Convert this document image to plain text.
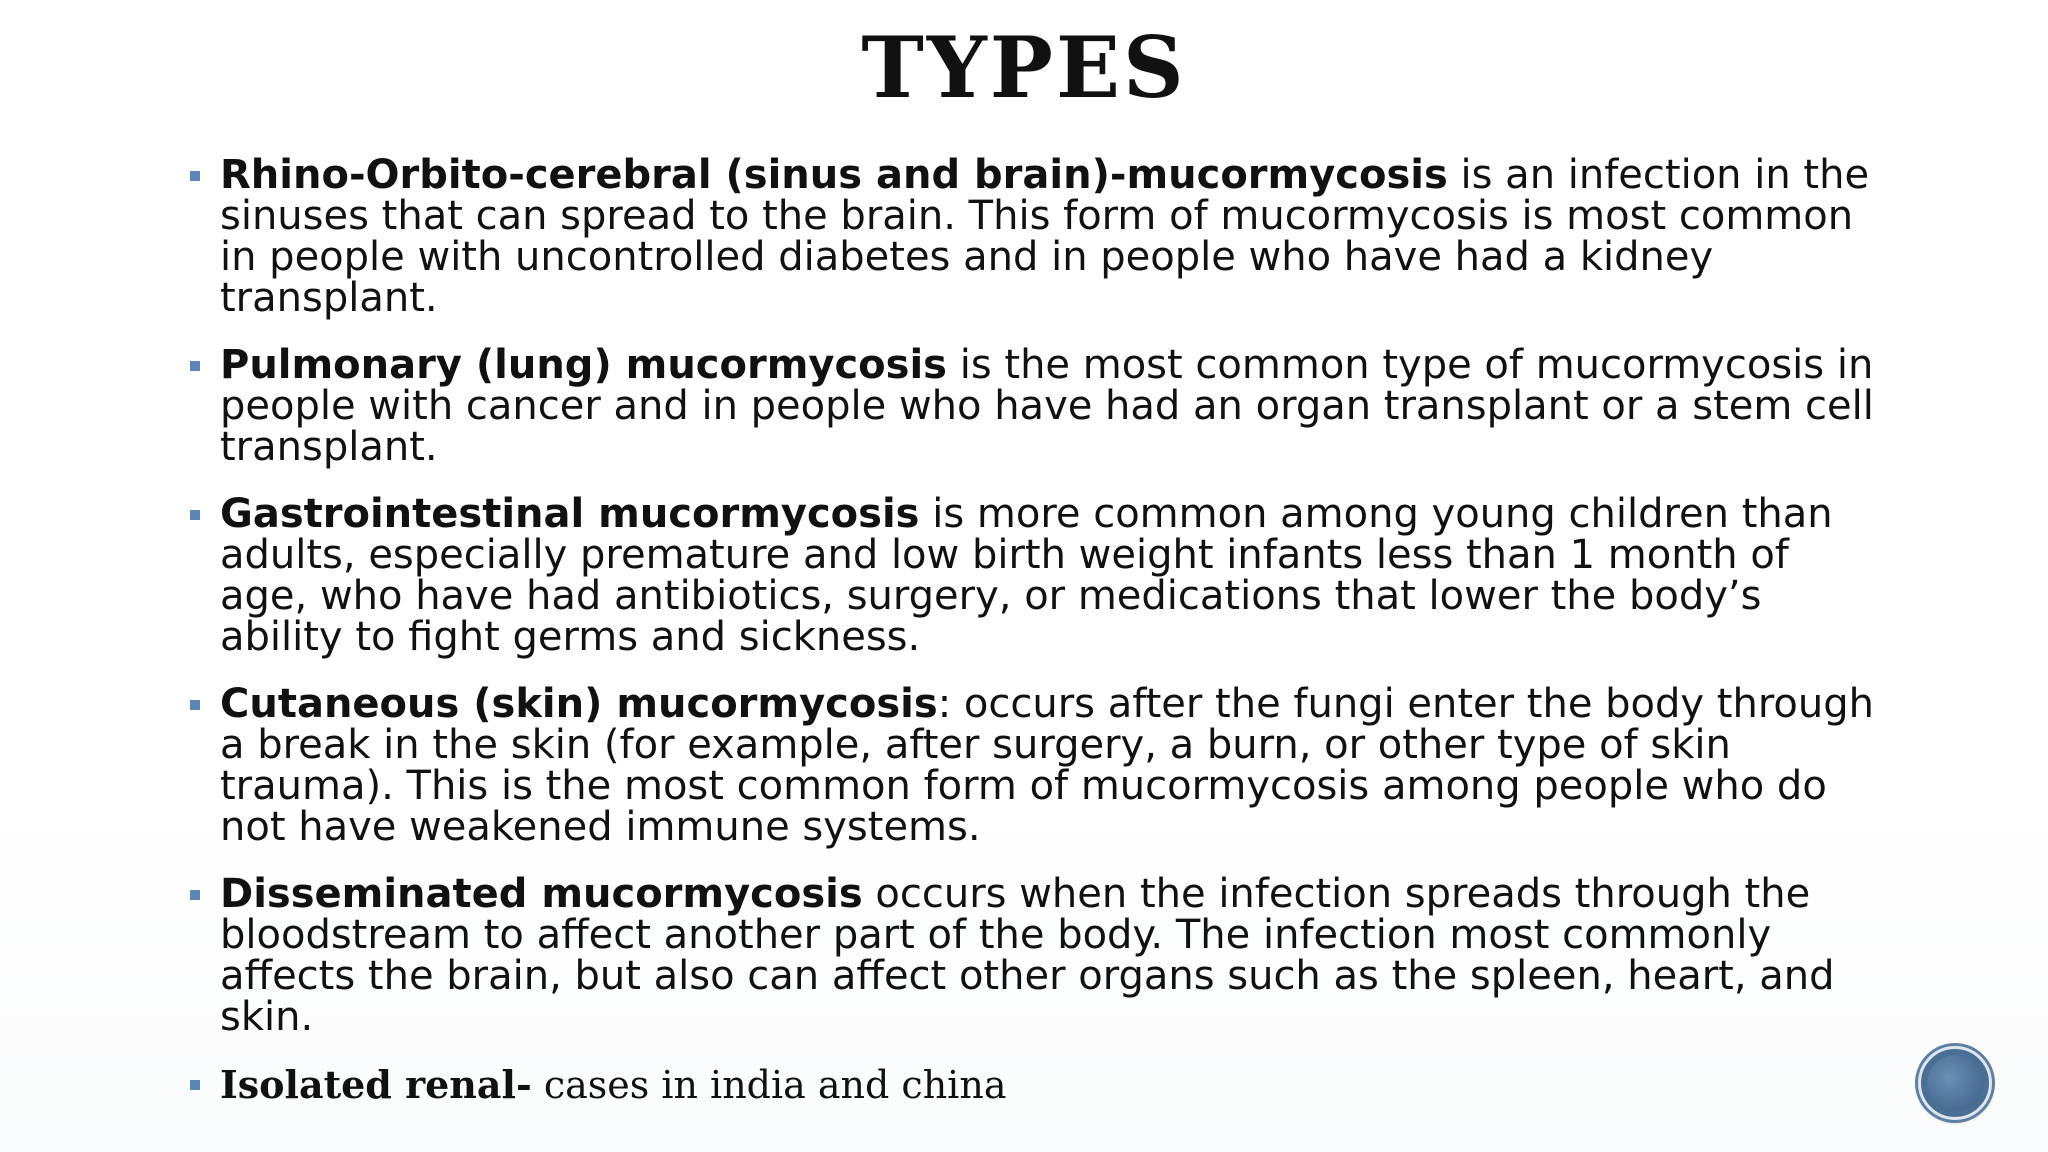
TYPES
Rhino-Orbito-cerebral (sinus and brain)-mucormycosis is an infection in the sinuses that can spread to the brain. This form of mucormycosis is most common in people with uncontrolled diabetes and in people who have had a kidney transplant.
Pulmonary (lung) mucormycosis is the most common type of mucormycosis in people with cancer and in people who have had an organ transplant or a stem cell transplant.
Gastrointestinal mucormycosis is more common among young children than adults, especially premature and low birth weight infants less than 1 month of age, who have had antibiotics, surgery, or medications that lower the body’s ability to fight germs and sickness.
Cutaneous (skin) mucormycosis: occurs after the fungi enter the body through a break in the skin (for example, after surgery, a burn, or other type of skin trauma). This is the most common form of mucormycosis among people who do not have weakened immune systems.
Disseminated mucormycosis occurs when the infection spreads through the bloodstream to affect another part of the body. The infection most commonly affects the brain, but also can affect other organs such as the spleen, heart, and skin.
Isolated renal- cases in india and china
